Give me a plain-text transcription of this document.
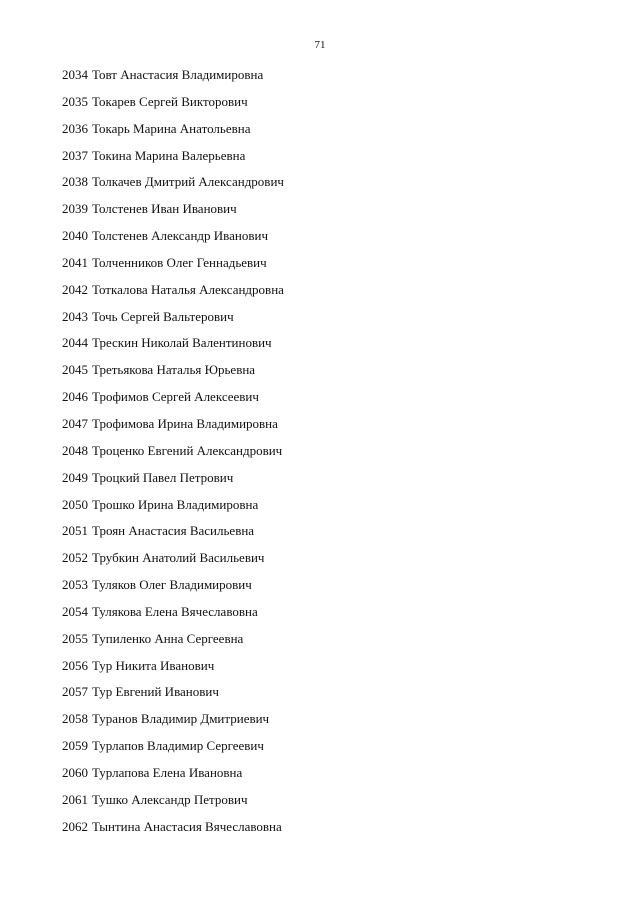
71
2034 Товт Анастасия Владимировна
2035 Токарев Сергей Викторович
2036 Токарь Марина Анатольевна
2037 Токина Марина Валерьевна
2038 Толкачев Дмитрий Александрович
2039 Толстенев Иван Иванович
2040 Толстенев Александр Иванович
2041 Толченников Олег Геннадьевич
2042 Тоткалова Наталья Александровна
2043 Точь Сергей Вальтерович
2044 Трескин Николай Валентинович
2045 Третьякова Наталья Юрьевна
2046 Трофимов Сергей Алексеевич
2047 Трофимова Ирина Владимировна
2048 Троценко Евгений Александрович
2049 Троцкий Павел Петрович
2050 Трошко Ирина Владимировна
2051 Троян Анастасия Васильевна
2052 Трубкин Анатолий Васильевич
2053 Туляков Олег Владимирович
2054 Тулякова Елена Вячеславовна
2055 Тупиленко Анна Сергеевна
2056 Тур Никита Иванович
2057 Тур Евгений Иванович
2058 Туранов Владимир Дмитриевич
2059 Турлапов Владимир Сергеевич
2060 Турлапова Елена Ивановна
2061 Тушко Александр Петрович
2062 Тынтина Анастасия Вячеславовна
